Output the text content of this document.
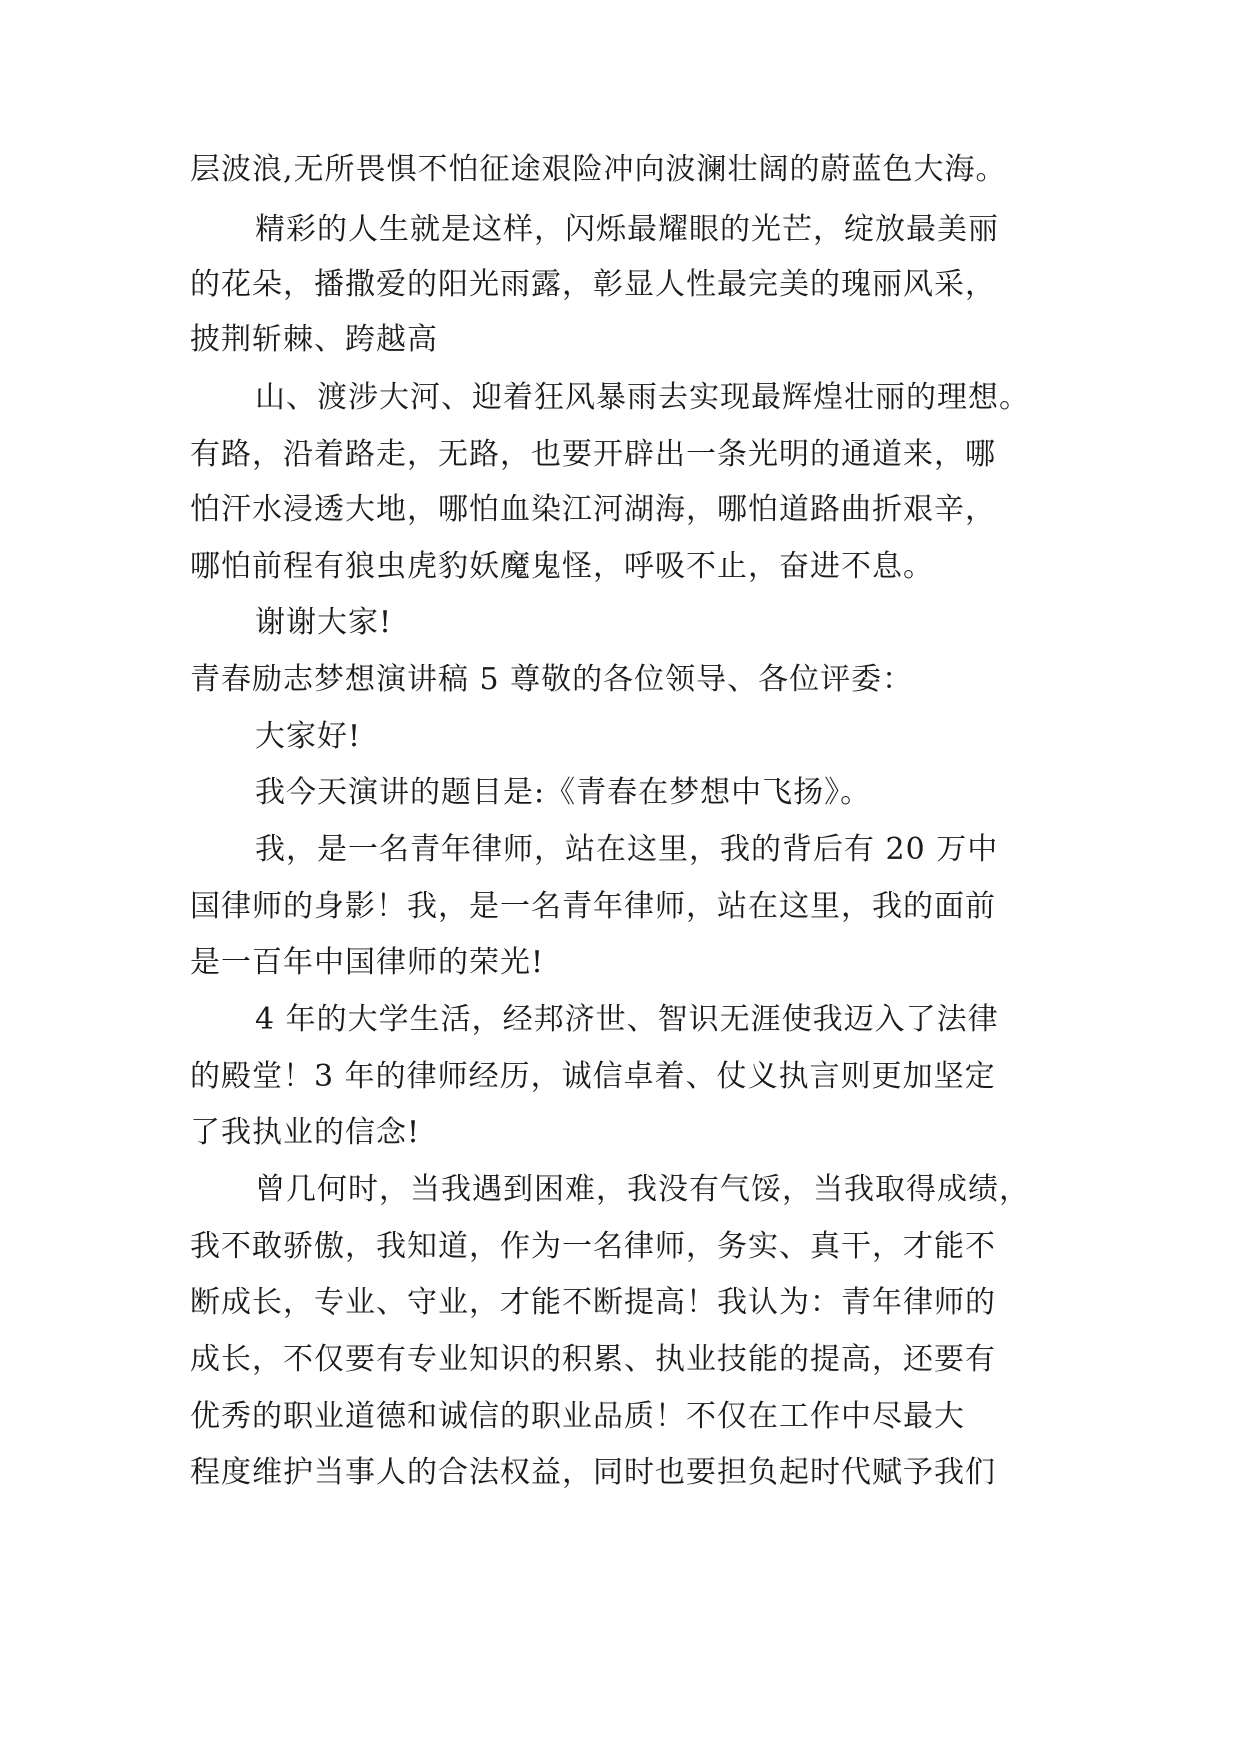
层波浪,无所畏惧不怕征途艰险冲向波澜壮阔的蔚蓝色大海。
精彩的人生就是这样，闪烁最耀眼的光芒，绽放最美丽
的花朵，播撒爱的阳光雨露，彰显人性最完美的瑰丽风采，
披荆斩棘、跨越高
山、渡涉大河、迎着狂风暴雨去实现最辉煌壮丽的理想。
有路，沿着路走，无路，也要开辟出一条光明的通道来，哪
怕汗水浸透大地，哪怕血染江河湖海，哪怕道路曲折艰辛，
哪怕前程有狼虫虎豹妖魔鬼怪，呼吸不止，奋进不息。
谢谢大家!
青春励志梦想演讲稿 5 尊敬的各位领导、各位评委：
大家好!
我今天演讲的题目是:《青春在梦想中飞扬》。
我，是一名青年律师，站在这里，我的背后有 20 万中
国律师的身影！我，是一名青年律师，站在这里，我的面前
是一百年中国律师的荣光!
4 年的大学生活，经邦济世、智识无涯使我迈入了法律
的殿堂！3 年的律师经历，诚信卓着、仗义执言则更加坚定
了我执业的信念!
曾几何时，当我遇到困难，我没有气馁，当我取得成绩，
我不敢骄傲，我知道，作为一名律师，务实、真干，才能不
断成长，专业、守业，才能不断提高！我认为：青年律师的
成长，不仅要有专业知识的积累、执业技能的提高，还要有
优秀的职业道德和诚信的职业品质！不仅在工作中尽最大
程度维护当事人的合法权益，同时也要担负起时代赋予我们
